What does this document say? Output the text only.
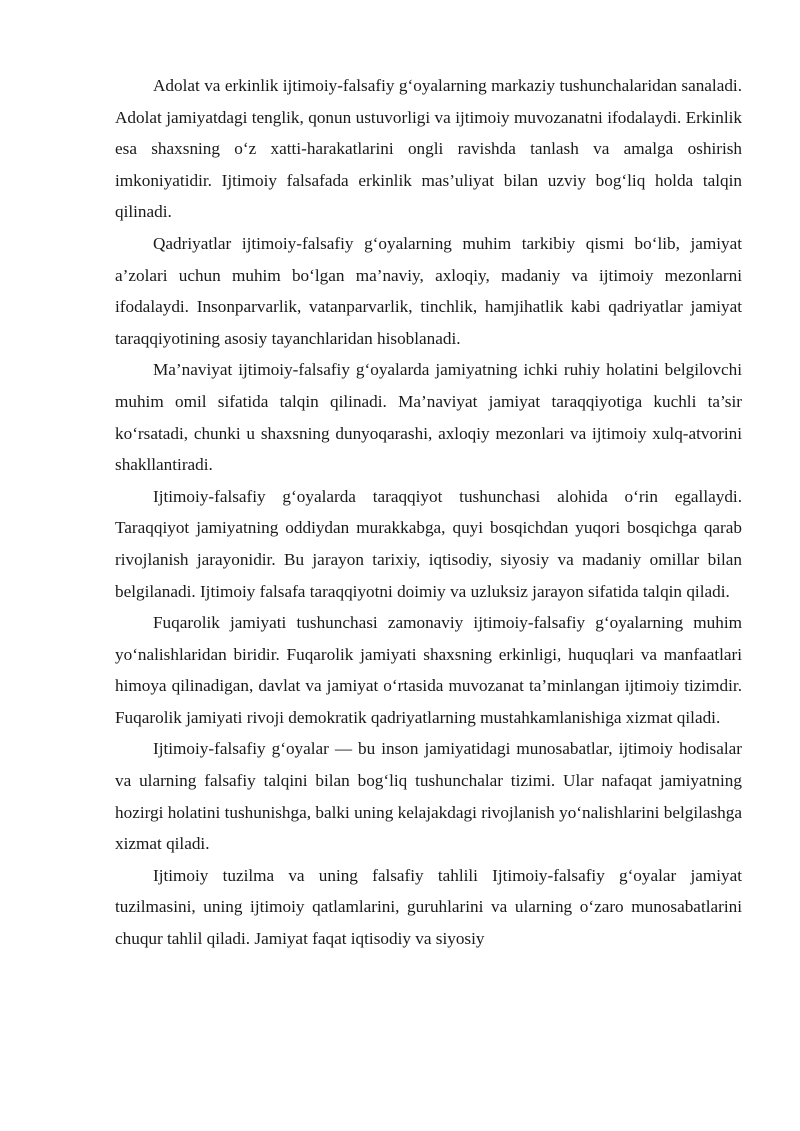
Adolat va erkinlik ijtimoiy-falsafiy g‘oyalarning markaziy tushunchalaridan sanaladi. Adolat jamiyatdagi tenglik, qonun ustuvorligi va ijtimoiy muvozanatni ifodalaydi. Erkinlik esa shaxsning o‘z xatti-harakatlarini ongli ravishda tanlash va amalga oshirish imkoniyatidir. Ijtimoiy falsafada erkinlik mas’uliyat bilan uzviy bog‘liq holda talqin qilinadi.

Qadriyatlar ijtimoiy-falsafiy g‘oyalarning muhim tarkibiy qismi bo‘lib, jamiyat a’zolari uchun muhim bo‘lgan ma’naviy, axloqiy, madaniy va ijtimoiy mezonlarni ifodalaydi. Insonparvarlik, vatanparvarlik, tinchlik, hamjihatlik kabi qadriyatlar jamiyat taraqqiyotining asosiy tayanchlaridan hisoblanadi.

Ma’naviyat ijtimoiy-falsafiy g‘oyalarda jamiyatning ichki ruhiy holatini belgilovchi muhim omil sifatida talqin qilinadi. Ma’naviyat jamiyat taraqqiyotiga kuchli ta’sir ko‘rsatadi, chunki u shaxsning dunyoqarashi, axloqiy mezonlari va ijtimoiy xulq-atvorini shakllantiradi.

Ijtimoiy-falsafiy g‘oyalarda taraqqiyot tushunchasi alohida o‘rin egallaydi. Taraqqiyot jamiyatning oddiydan murakkabga, quyi bosqichdan yuqori bosqichga qarab rivojlanish jarayonidir. Bu jarayon tarixiy, iqtisodiy, siyosiy va madaniy omillar bilan belgilanadi. Ijtimoiy falsafa taraqqiyotni doimiy va uzluksiz jarayon sifatida talqin qiladi.

Fuqarolik jamiyati tushunchasi zamonaviy ijtimoiy-falsafiy g‘oyalarning muhim yo‘nalishlaridan biridir. Fuqarolik jamiyati shaxsning erkinligi, huquqlari va manfaatlari himoya qilinadigan, davlat va jamiyat o‘rtasida muvozanat ta’minlangan ijtimoiy tizimdir. Fuqarolik jamiyati rivoji demokratik qadriyatlarning mustahkamlanishiga xizmat qiladi.

Ijtimoiy-falsafiy g‘oyalar — bu inson jamiyatidagi munosabatlar, ijtimoiy hodisalar va ularning falsafiy talqini bilan bog‘liq tushunchalar tizimi. Ular nafaqat jamiyatning hozirgi holatini tushunishga, balki uning kelajakdagi rivojlanish yo‘nalishlarini belgilashga xizmat qiladi.

Ijtimoiy tuzilma va uning falsafiy tahlili Ijtimoiy-falsafiy g‘oyalar jamiyat tuzilmasini, uning ijtimoiy qatlamlarini, guruhlarini va ularning o‘zaro munosabatlarini chuqur tahlil qiladi. Jamiyat faqat iqtisodiy va siyosiy
